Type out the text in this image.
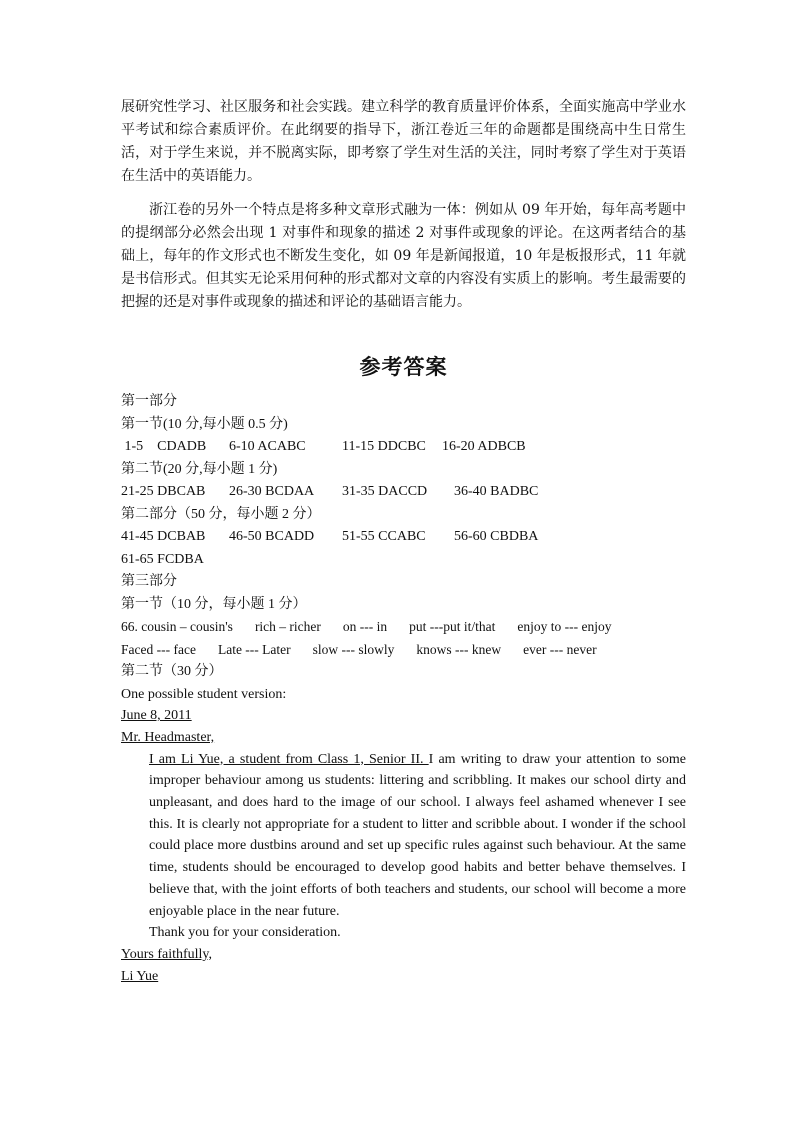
展研究性学习、社区服务和社会实践。建立科学的教育质量评价体系，全面实施高中学业水平考试和综合素质评价。在此纲要的指导下，浙江卷近三年的命题都是围绕高中生日常生活，对于学生来说，并不脱离实际，即考察了学生对生活的关注，同时考察了学生对于英语在生活中的英语能力。

浙江卷的另外一个特点是将多种文章形式融为一体：例如从 09 年开始，每年高考题中的提纲部分必然会出现 1 对事件和现象的描述 2 对事件或现象的评论。在这两者结合的基础上，每年的作文形式也不断发生变化，如 09 年是新闻报道，10 年是板报形式，11 年就是书信形式。但其实无论采用何种的形式都对文章的内容没有实质上的影响。考生最需要的把握的还是对事件或现象的描述和评论的基础语言能力。

参考答案
第一部分
第一节(10 分,每小题 0.5 分)
1-5    CDADB 6-10 ACABC	11-15 DDCBC 16-20 ADBCB
第二节(20 分,每小题 1 分)
21-25 DBCAB 26-30 BCDAA 31-35 DACCD 36-40 BADBC
第二部分（50 分，每小题 2 分）
41-45 DCBAB 46-50 BCADD 51-55 CCABC 56-60 CBDBA
61-65 FCDBA
第三部分
第一节（10 分，每小题 1 分）
66. cousin – cousin's rich – richer on --- in put ---put it/that enjoy to --- enjoy
Faced --- face Late --- Later slow --- slowly knows --- knew ever --- never
第二节（30 分）
One possible student version:
June 8, 2011
Mr. Headmaster,
I am Li Yue, a student from Class 1, Senior II. I am writing to draw your attention to some improper behaviour among us students: littering and scribbling. It makes our school dirty and unpleasant, and does hard to the image of our school. I always feel ashamed whenever I see this. It is clearly not appropriate for a student to litter and scribble about. I wonder if the school could place more dustbins around and set up specific rules against such behaviour. At the same time, students should be encouraged to develop good habits and better behave themselves. I believe that, with the joint efforts of both teachers and students, our school will become a more enjoyable place in the near future.
Thank you for your consideration.
Yours faithfully,
Li Yue
